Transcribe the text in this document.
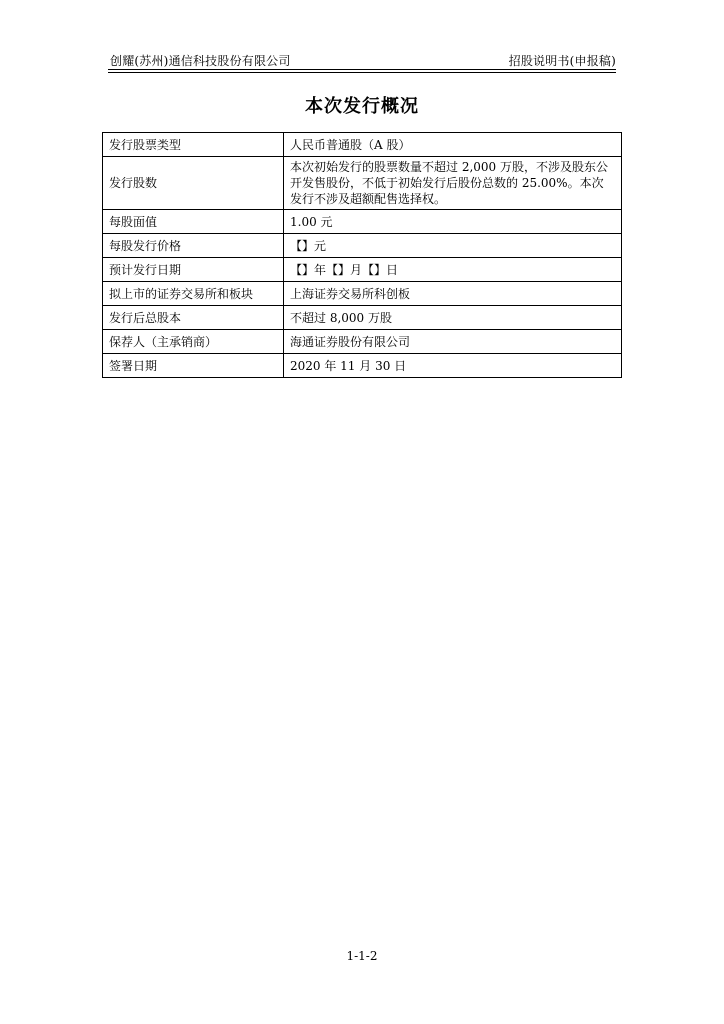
创耀(苏州)通信科技股份有限公司	招股说明书(申报稿)
本次发行概况
发行股票类型	人民币普通股（A 股）
发行股数	本次初始发行的股票数量不超过 2,000 万股，不涉及股东公开发售股份，不低于初始发行后股份总数的 25.00%。本次发行不涉及超额配售选择权。
每股面值	1.00 元
每股发行价格	【】元
预计发行日期	【】年【】月【】日
拟上市的证券交易所和板块	上海证券交易所科创板
发行后总股本	不超过 8,000 万股
保荐人（主承销商）	海通证券股份有限公司
签署日期	2020 年 11 月 30 日
1-1-2
